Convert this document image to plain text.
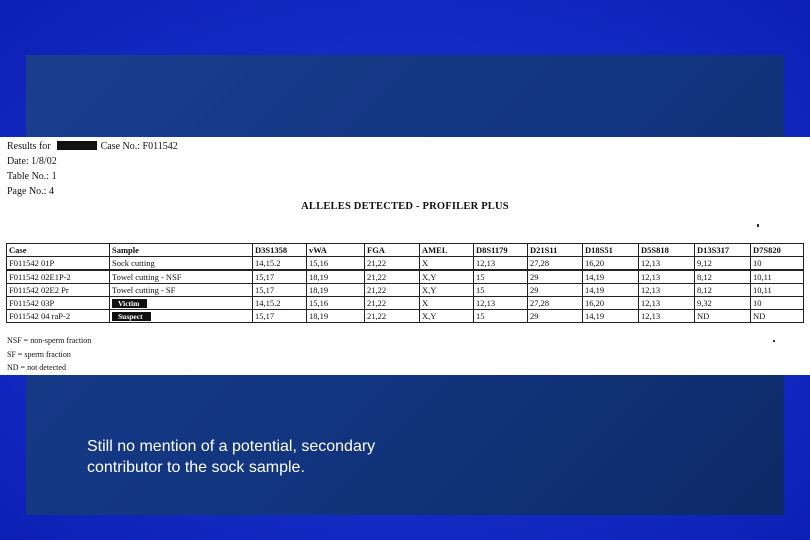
Results for	Case No.: F011542
Date: 1/8/02
Table No.: 1
Page No.: 4
ALLELES DETECTED - PROFILER PLUS
Case	Sample	D3S1358	vWA	FGA	AMEL	D8S1179	D21S11	D18S51	D5S818	D13S317	D7S820
F011542 01P	Sock cutting	14,15.2	15,16	21,22	X	12,13	27,28	16,20	12,13	9,12	10
F011542 02E1P-2	Towel cutting - NSF	15,17	18,19	21,22	X,Y	15	29	14,19	12,13	8,12	10,11
F011542 02E2 Pr	Towel cutting - SF	15,17	18,19	21,22	X,Y	15	29	14,19	12,13	8,12	10,11
F011542 03P	Victim	14,15.2	15,16	21,22	X	12,13	27,28	16,20	12,13	9,32	10
F011542 04 raP-2	Suspect	15,17	18,19	21,22	X,Y	15	29	14,19	12,13	ND	ND
NSF = non-sperm fraction
SF = sperm fraction
ND = not detected
Still no mention of a potential, secondary
contributor to the sock sample.
